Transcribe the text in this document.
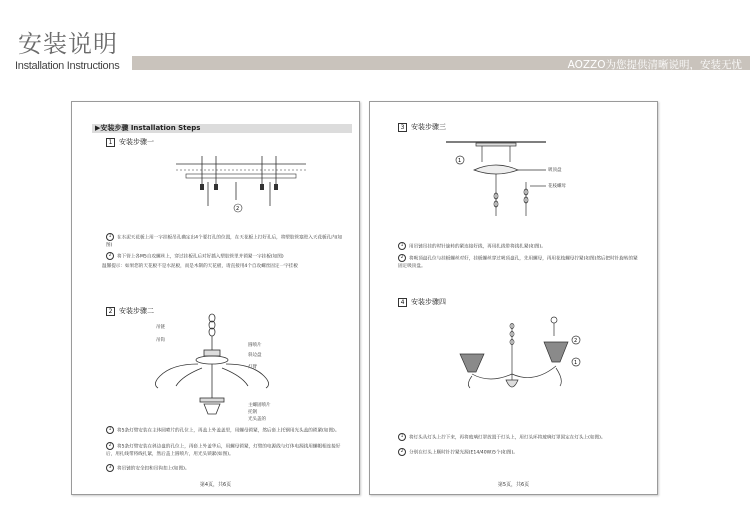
安装说明
Installation Instructions	AOZZO为您提供清晰说明，安装无忧
▶安装步骤 Installation Steps
1 安装步骤一
2
1 在水泥天花板上用一字挂板吊孔确定出4个要打孔的位置，在天花板上打好孔后，将塑胶管塞进入天花板孔内(如图)
2 将下管上各M5自攻螺丝上，穿过挂板孔后对好插入塑胶管里并锁紧一字挂板(如图)
温馨提示：如果您的天花板不是水泥板，而是木制的天花板，请直接用4个自攻螺丝固定一字挂板
2 安装步骤二
吊链
吊钩
圆喷片
斜边盘
灯臂
主螺固喷片
托钢
光头盖的
1 将5条灯臂安装在主体圆喷片的孔位上，再盖上外盖盖里，用螺母锁紧，然后套上托钢用光头盖的锁紧(如图)。
2 将5条灯臂安装在斜边盘的孔位上，再套上外盖华后，用螺母锁紧，灯臂的电源线与灯体电源线用螺帽相连接好后，用扎线带将线扎紧，然后盖上圆喷片，用光头锁紧(如图)。
3 将吊链的安全扣和吊钩扣上(如图)。
第4页，共6页
3 安装步骤三
1
吸顶盘
花枝螺母
1 用吊链吊挂的时针旋转的紧连接好线，再用扎线带将线扎紧(如图)。
2 将吸顶盘孔位与挂板螺丝对好，挂板螺丝穿过吸顶盘孔，先用螺母，再用花枝螺母拧紧(如图)然后把时针旋转的紧固定吸顶盘。
4 安装步骤四
2
1
1 将灯头从灯头上拧下来，再将玻璃灯罩放置于灯头上，用灯头环将玻璃灯罩固定在灯头上(如图)。
2 分别在灯头上顺时针拧紧光源(E14/40W)5个(如图)。
第5页，共6页
